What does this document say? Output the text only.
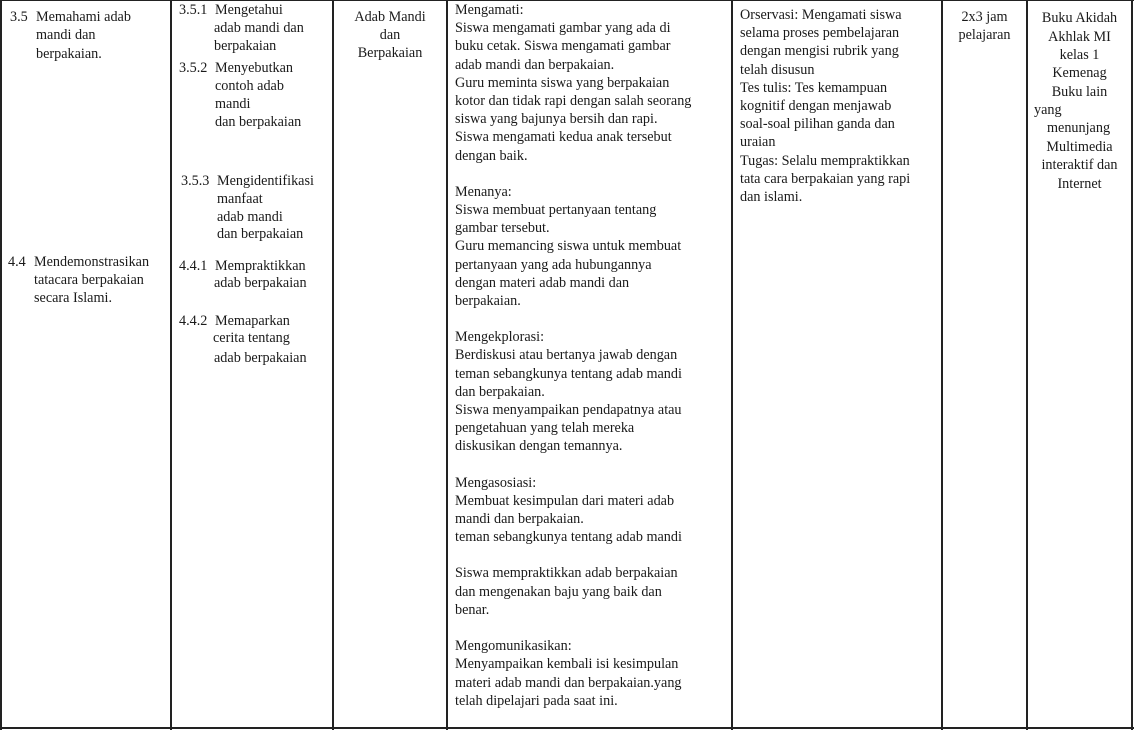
3.5 Memahami adab
mandi dan
berpakaian.
4.4 Mendemonstrasikan
tatacara berpakaian
secara Islami.
3.5.1 Mengetahui
adab mandi dan
berpakaian
3.5.2 Menyebutkan
contoh adab
mandi
dan berpakaian
3.5.3 Mengidentifikasi
manfaat
adab mandi
dan berpakaian
4.4.1 Mempraktikkan
adab berpakaian
4.4.2 Memaparkan
cerita tentang
adab berpakaian
Adab Mandi
dan
Berpakaian
Mengamati:
Siswa mengamati gambar yang ada di
buku cetak. Siswa mengamati gambar
adab mandi dan berpakaian.
Guru meminta siswa yang berpakaian
kotor dan tidak rapi dengan salah seorang
siswa yang bajunya bersih dan rapi.
Siswa mengamati kedua anak tersebut
dengan baik.
Menanya:
Siswa membuat pertanyaan tentang
gambar tersebut.
Guru memancing siswa untuk membuat
pertanyaan yang ada hubungannya
dengan materi adab mandi dan
berpakaian.
Mengekplorasi:
Berdiskusi atau bertanya jawab dengan
teman sebangkunya tentang adab mandi
dan berpakaian.
Siswa menyampaikan pendapatnya atau
pengetahuan yang telah mereka
diskusikan dengan temannya.
Mengasosiasi:
Membuat kesimpulan dari materi adab
mandi dan berpakaian.
teman sebangkunya tentang adab mandi
Siswa mempraktikkan adab berpakaian
dan mengenakan baju yang baik dan
benar.
Mengomunikasikan:
Menyampaikan kembali isi kesimpulan
materi adab mandi dan berpakaian.yang
telah dipelajari pada saat ini.
Orservasi: Mengamati siswa
selama proses pembelajaran
dengan mengisi rubrik yang
telah disusun
Tes tulis: Tes kemampuan
kognitif dengan menjawab
soal-soal pilihan ganda dan
uraian
Tugas: Selalu mempraktikkan
tata cara berpakaian yang rapi
dan islami.
2x3 jam
pelajaran
Buku Akidah
Akhlak MI
kelas 1
Kemenag
Buku lain
yang
menunjang
Multimedia
interaktif dan
Internet
